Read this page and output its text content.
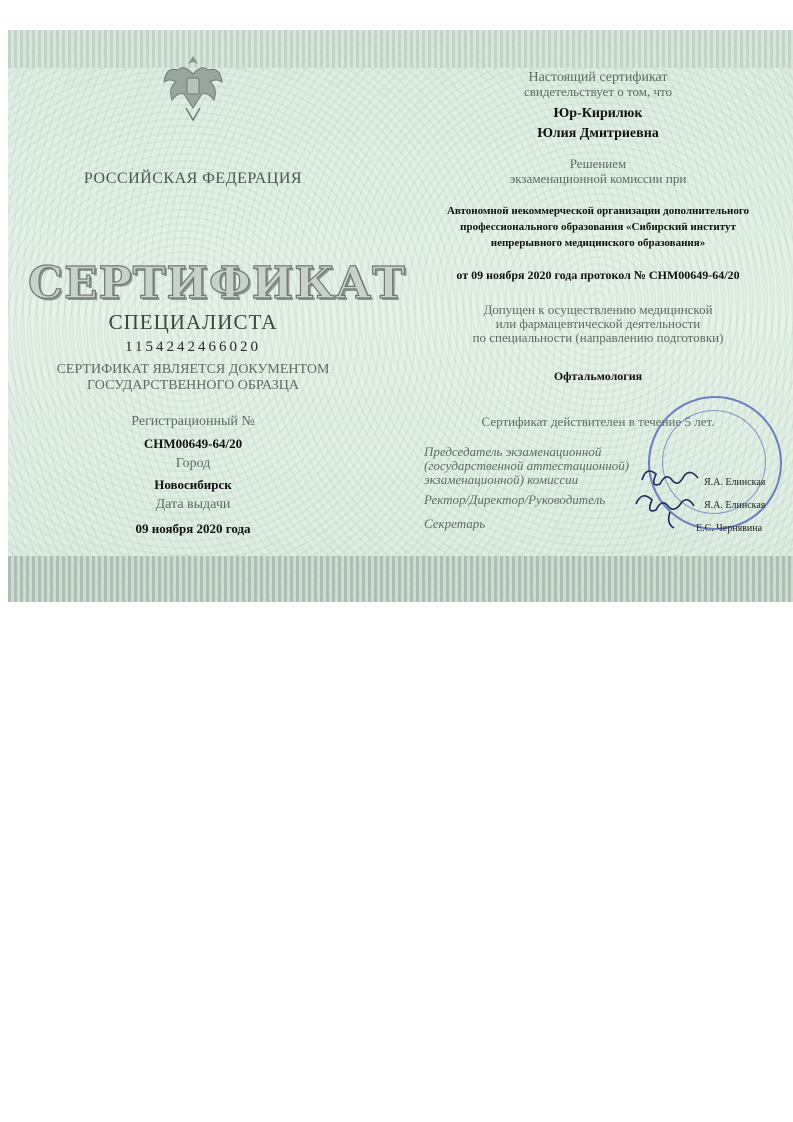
РОССИЙСКАЯ ФЕДЕРАЦИЯ

СЕРТИФИКАТ

СПЕЦИАЛИСТА

1154242466020

СЕРТИФИКАТ ЯВЛЯЕТСЯ ДОКУМЕНТОМ

ГОСУДАРСТВЕННОГО ОБРАЗЦА

Регистрационный №

СНМ00649-64/20

Город

Новосибирск

Дата выдачи

09 ноября 2020 года

Настоящий сертификат

свидетельствует о том, что

Юр-Кирилюк

Юлия Дмитриевна

Решением

экзаменационной комиссии при

Автономной некоммерческой организации дополнительного

профессионального образования «Сибирский институт

непрерывного медицинского образования»

от 09 ноября 2020 года протокол № СНМ00649-64/20

Допущен к осуществлению медицинской

или фармацевтической деятельности

по специальности (направлению подготовки)

Офтальмология

Сертификат действителен в течение 5 лет.

Председатель экзаменационной

(государственной аттестационной)

экзаменационной) комиссии

Ректор/Директор/Руководитель

Секретарь

Я.А. Елинская

Я.А. Елинская

Е.С. Чернявина
